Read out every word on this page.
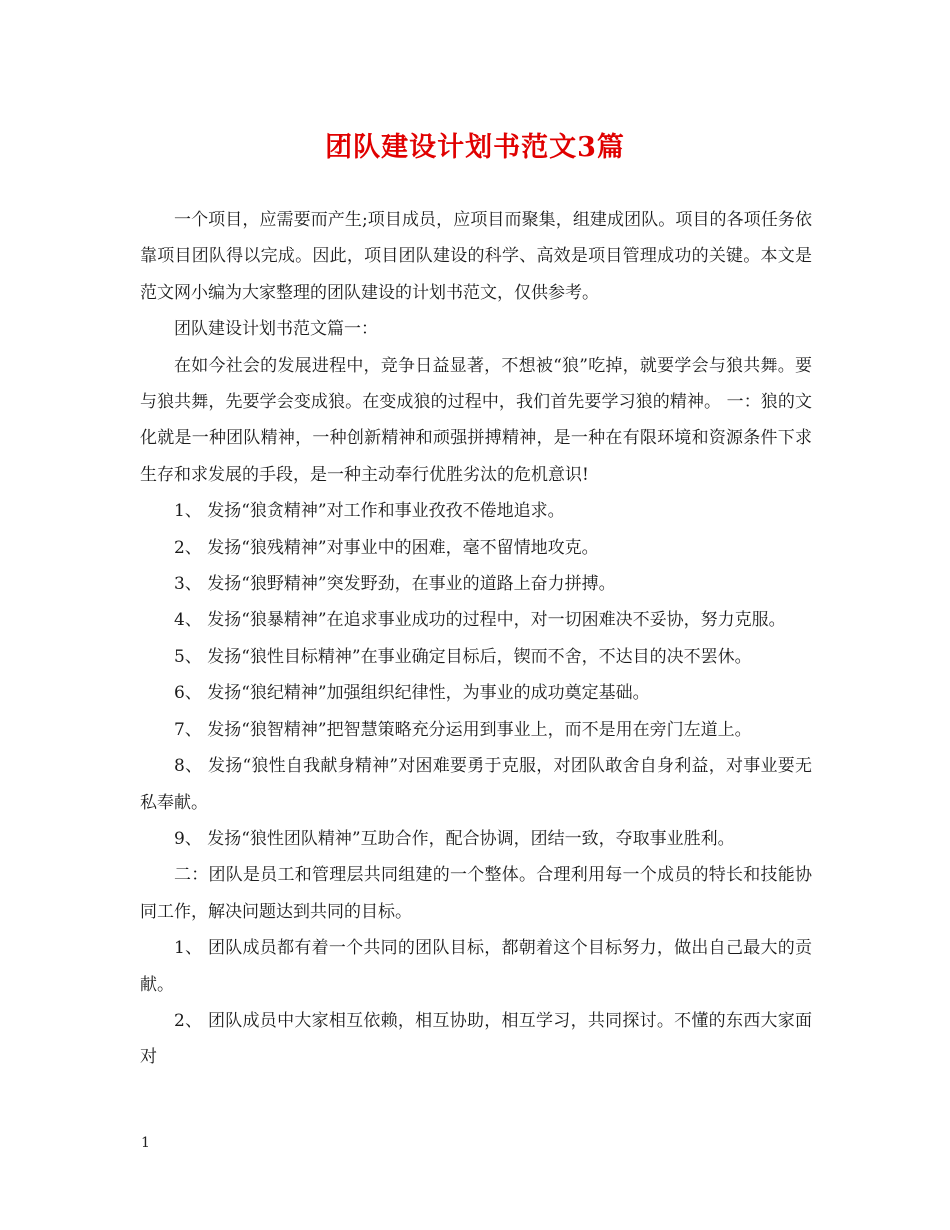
团队建设计划书范文3篇

一个项目，应需要而产生;项目成员，应项目而聚集，组建成团队。项目的各项任务依靠项目团队得以完成。因此，项目团队建设的科学、高效是项目管理成功的关键。本文是范文网小编为大家整理的团队建设的计划书范文，仅供参考。

团队建设计划书范文篇一：

在如今社会的发展进程中，竞争日益显著，不想被“狼”吃掉，就要学会与狼共舞。要与狼共舞，先要学会变成狼。在变成狼的过程中，我们首先要学习狼的精神。 一：狼的文化就是一种团队精神，一种创新精神和顽强拼搏精神，是一种在有限环境和资源条件下求生存和求发展的手段，是一种主动奉行优胜劣汰的危机意识!

1、 发扬“狼贪精神”对工作和事业孜孜不倦地追求。

2、 发扬“狼残精神”对事业中的困难，毫不留情地攻克。

3、 发扬“狼野精神”突发野劲，在事业的道路上奋力拼搏。

4、 发扬“狼暴精神”在追求事业成功的过程中，对一切困难决不妥协，努力克服。

5、 发扬“狼性目标精神”在事业确定目标后，锲而不舍，不达目的决不罢休。

6、 发扬“狼纪精神”加强组织纪律性，为事业的成功奠定基础。

7、 发扬“狼智精神”把智慧策略充分运用到事业上，而不是用在旁门左道上。

8、 发扬“狼性自我献身精神”对困难要勇于克服，对团队敢舍自身利益，对事业要无私奉献。

9、 发扬“狼性团队精神”互助合作，配合协调，团结一致，夺取事业胜利。

二：团队是员工和管理层共同组建的一个整体。合理利用每一个成员的特长和技能协同工作，解决问题达到共同的目标。

1、 团队成员都有着一个共同的团队目标，都朝着这个目标努力，做出自己最大的贡献。

2、 团队成员中大家相互依赖，相互协助，相互学习，共同探讨。不懂的东西大家面对

1
